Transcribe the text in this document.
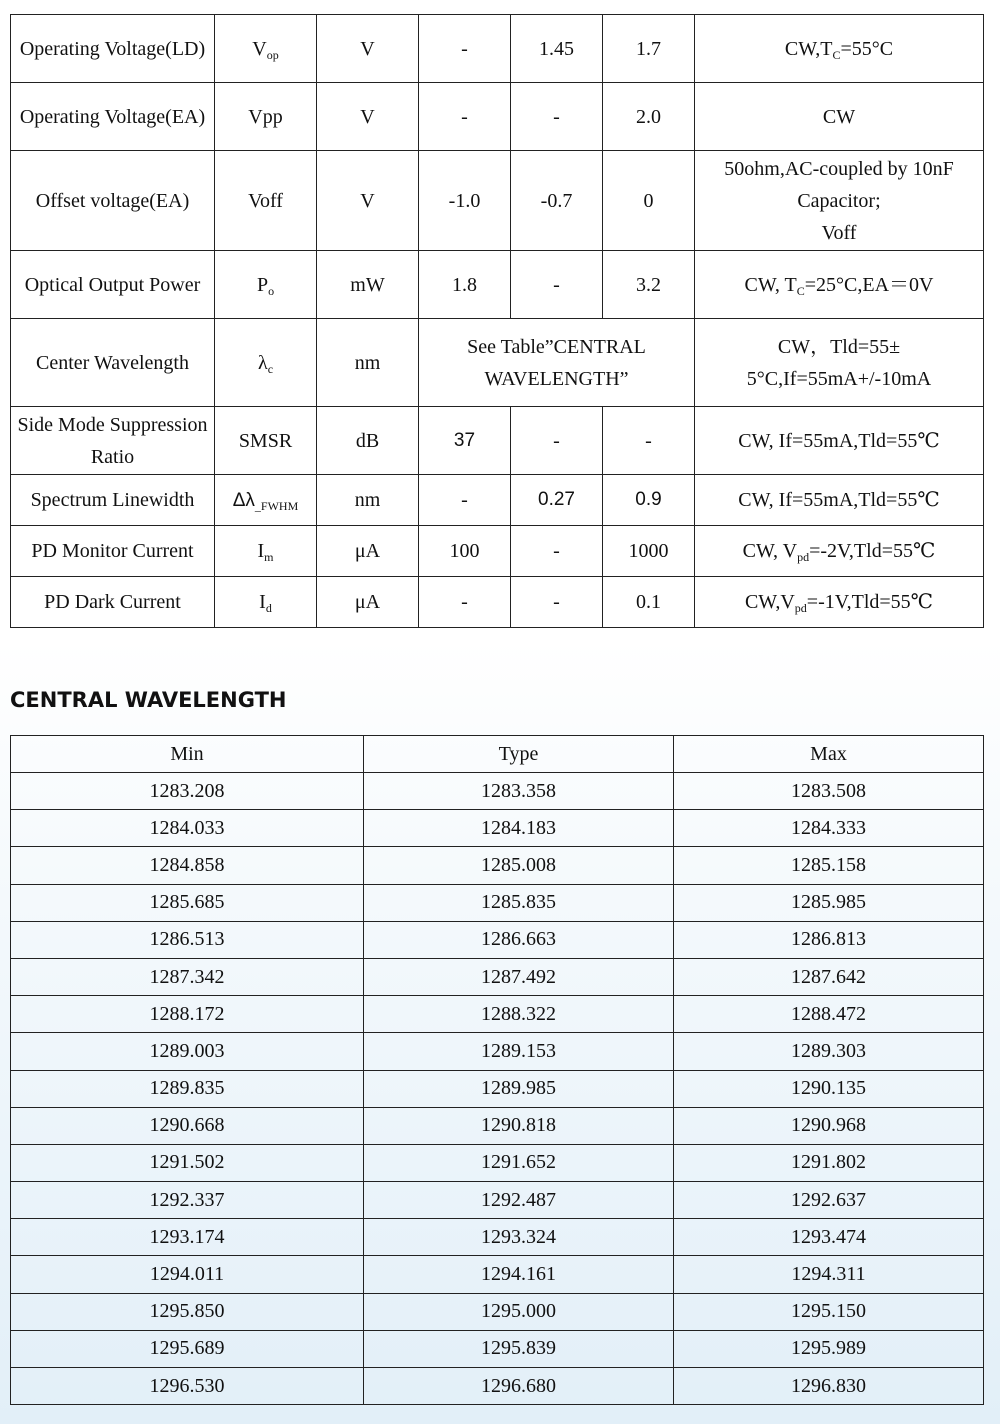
Operating Voltage(LD)	$V_{op}$	V	-	1.45	1.7	$CW,T_C=55^\circ C$
Operating Voltage(EA)	Vpp	V	-	-	2.0	CW
Offset voltage(EA)	Voff	V	-1.0	-0.7	0	50ohm,AC-coupled by 10nF
Capacitor;
Voff

Optical Output Power	$P_o$	mW	1.8	-	3.2	CW, $T_C=25^\circ C,EA=0V$
Center Wavelength	$\lambda_c$	nm	See Table”CENTRAL WAVELENGTH”			CW，Tld=55± 5°C,If=55mA+/-10mA
Side Mode Suppression Ratio	SMSR	dB	37	-	-	CW, If=55mA,Tld=55℃
Spectrum Linewidth	$\Delta\lambda_{\_FWHM}$	nm	-	0.27	0.9	CW, If=55mA,Tld=55℃
PD Monitor Current	$I_m$	μA	100	-	1000	CW, $V_{pd}=-2V,Tld=55℃$
PD Dark Current	$I_d$	μA	-	-	0.1	$CW,V_{pd}=-1V,Tld=55℃$
CENTRAL WAVELENGTH
Min	Type	Max
1283.208	1283.358	1283.508
1284.033	1284.183	1284.333
1284.858	1285.008	1285.158
1285.685	1285.835	1285.985
1286.513	1286.663	1286.813
1287.342	1287.492	1287.642
1288.172	1288.322	1288.472
1289.003	1289.153	1289.303
1289.835	1289.985	1290.135
1290.668	1290.818	1290.968
1291.502	1291.652	1291.802
1292.337	1292.487	1292.637
1293.174	1293.324	1293.474
1294.011	1294.161	1294.311
1295.850	1295.000	1295.150
1295.689	1295.839	1295.989
1296.530	1296.680	1296.830
